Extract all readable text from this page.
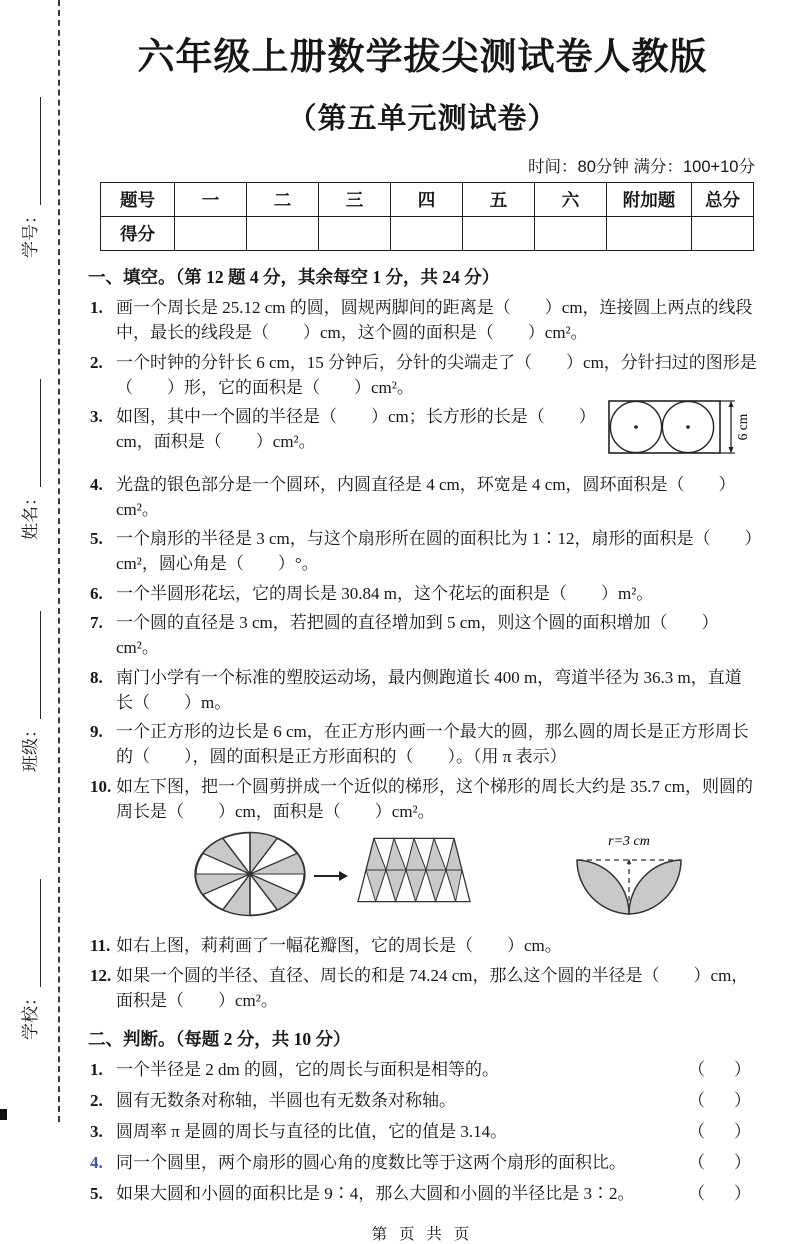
学号：
姓名：
班级：
学校：
六年级上册数学拔尖测试卷人教版
（第五单元测试卷）
时间：80分钟 满分：100+10分
题号	一	二	三	四	五	六	附加题	总分
得分								
一、填空。（第 12 题 4 分，其余每空 1 分，共 24 分）
1. 画一个周长是 25.12 cm 的圆，圆规两脚间的距离是（　　）cm，连接圆上两点的线段中，最长的线段是（　　）cm，这个圆的面积是（　　）cm²。
2. 一个时钟的分针长 6 cm，15 分钟后，分针的尖端走了（　　）cm，分针扫过的图形是（　　）形，它的面积是（　　）cm²。
3. 如图，其中一个圆的半径是（　　）cm；长方形的长是（　　）cm，面积是（　　）cm²。
6 cm
4. 光盘的银色部分是一个圆环，内圆直径是 4 cm，环宽是 4 cm，圆环面积是（　　）cm²。
5. 一个扇形的半径是 3 cm，与这个扇形所在圆的面积比为 1∶12，扇形的面积是（　　）cm²，圆心角是（　　）°。
6. 一个半圆形花坛，它的周长是 30.84 m，这个花坛的面积是（　　）m²。
7. 一个圆的直径是 3 cm，若把圆的直径增加到 5 cm，则这个圆的面积增加（　　）cm²。
8. 南门小学有一个标准的塑胶运动场，最内侧跑道长 400 m，弯道半径为 36.3 m，直道长（　　）m。
9. 一个正方形的边长是 6 cm，在正方形内画一个最大的圆，那么圆的周长是正方形周长的（　　），圆的面积是正方形面积的（　　）。（用 π 表示）
10. 如左下图，把一个圆剪拼成一个近似的梯形，这个梯形的周长大约是 35.7 cm，则圆的周长是（　　）cm，面积是（　　）cm²。
r=3 cm
11. 如右上图，莉莉画了一幅花瓣图，它的周长是（　　）cm。
12. 如果一个圆的半径、直径、周长的和是 74.24 cm，那么这个圆的半径是（　　）cm，面积是（　　）cm²。
二、判断。（每题 2 分，共 10 分）
1. 一个半径是 2 dm 的圆，它的周长与面积是相等的。	（　）
2. 圆有无数条对称轴，半圆也有无数条对称轴。	（　）
3. 圆周率 π 是圆的周长与直径的比值，它的值是 3.14。	（　）
4. 同一个圆里，两个扇形的圆心角的度数比等于这两个扇形的面积比。	（　）
5. 如果大圆和小圆的面积比是 9∶4，那么大圆和小圆的半径比是 3∶2。	（　）
第 页 共 页
